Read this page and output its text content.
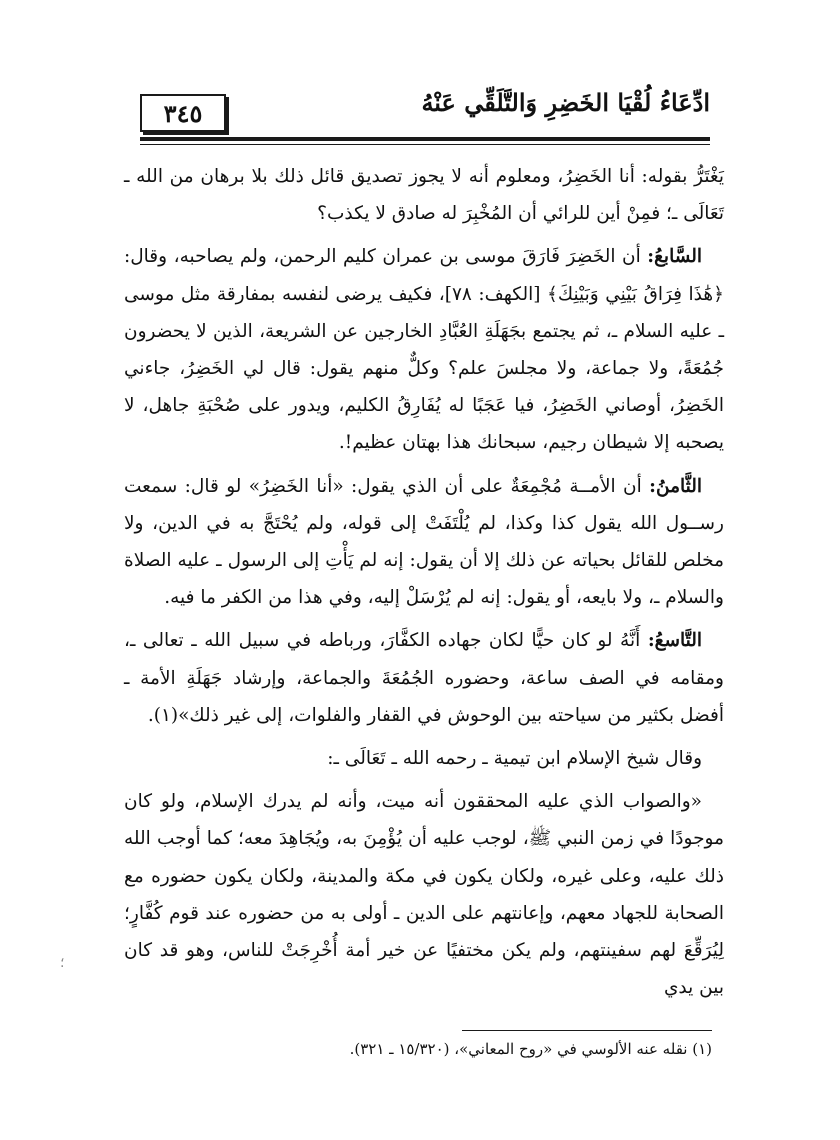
٣٤٥	ادِّعَاءُ لُقْيَا الخَضِرِ وَالتَّلَقِّي عَنْهُ

يَغْتَرُّ بقوله: أنا الخَضِرُ، ومعلوم أنه لا يجوز تصديق قائل ذلك بلا برهان من الله ـ تَعَالَى ـ؛ فمِنْ أين للرائي أن المُخْبِرَ له صادق لا يكذب؟

السَّابعُ: أن الخَضِرَ فَارَقَ موسى بن عمران كليم الرحمن، ولم يصاحبه، وقال: ﴿هَٰذَا فِرَاقُ بَيْنِي وَبَيْنِكَ﴾ [الكهف: ٧٨]، فكيف يرضى لنفسه بمفارقة مثل موسى ـ عليه السلام ـ، ثم يجتمع بجَهَلَةِ العُبَّادِ الخارجين عن الشريعة، الذين لا يحضرون جُمُعَةً، ولا جماعة، ولا مجلسَ علم؟ وكلٌّ منهم يقول: قال لي الخَضِرُ، جاءني الخَضِرُ، أوصاني الخَضِرُ، فيا عَجَبًا له يُفَارِقُ الكليم، ويدور على صُحْبَةِ جاهل، لا يصحبه إلا شيطان رجيم، سبحانك هذا بهتان عظيم!.

الثَّامنُ: أن الأمــة مُجْمِعَةٌ على أن الذي يقول: «أنا الخَضِرُ» لو قال: سمعت رســول الله يقول كذا وكذا، لم يُلْتَفَتْ إلى قوله، ولم يُحْتَجَّ به في الدين، ولا مخلص للقائل بحياته عن ذلك إلا أن يقول: إنه لم يَأْتِ إلى الرسول ـ عليه الصلاة والسلام ـ، ولا بايعه، أو يقول: إنه لم يُرْسَلْ إليه، وفي هذا من الكفر ما فيه.

التَّاسعُ: أَنَّهُ لو كان حيًّا لكان جهاده الكفَّارَ، ورباطه في سبيل الله ـ تعالى ـ، ومقامه في الصف ساعة، وحضوره الجُمُعَةَ والجماعة، وإرشاد جَهَلَةِ الأمة ـ أفضل بكثير من سياحته بين الوحوش في القفار والفلوات، إلى غير ذلك»(١).

وقال شيخ الإسلام ابن تيمية ـ رحمه الله ـ تَعَالَى ـ:

«والصواب الذي عليه المحققون أنه ميت، وأنه لم يدرك الإسلام، ولو كان موجودًا في زمن النبي ﷺ، لوجب عليه أن يُؤْمِنَ به، ويُجَاهِدَ معه؛ كما أوجب الله ذلك عليه، وعلى غيره، ولكان يكون في مكة والمدينة، ولكان يكون حضوره مع الصحابة للجهاد معهم، وإعانتهم على الدين ـ أولى به من حضوره عند قوم كُفَّارٍ؛ لِيُرَقِّعَ لهم سفينتهم، ولم يكن مختفيًا عن خير أمة أُخْرِجَتْ للناس، وهو قد كان بين يدي

(١) نقله عنه الألوسي في «روح المعاني»، (١٥/٣٢٠ ـ ٣٢١).
؛
